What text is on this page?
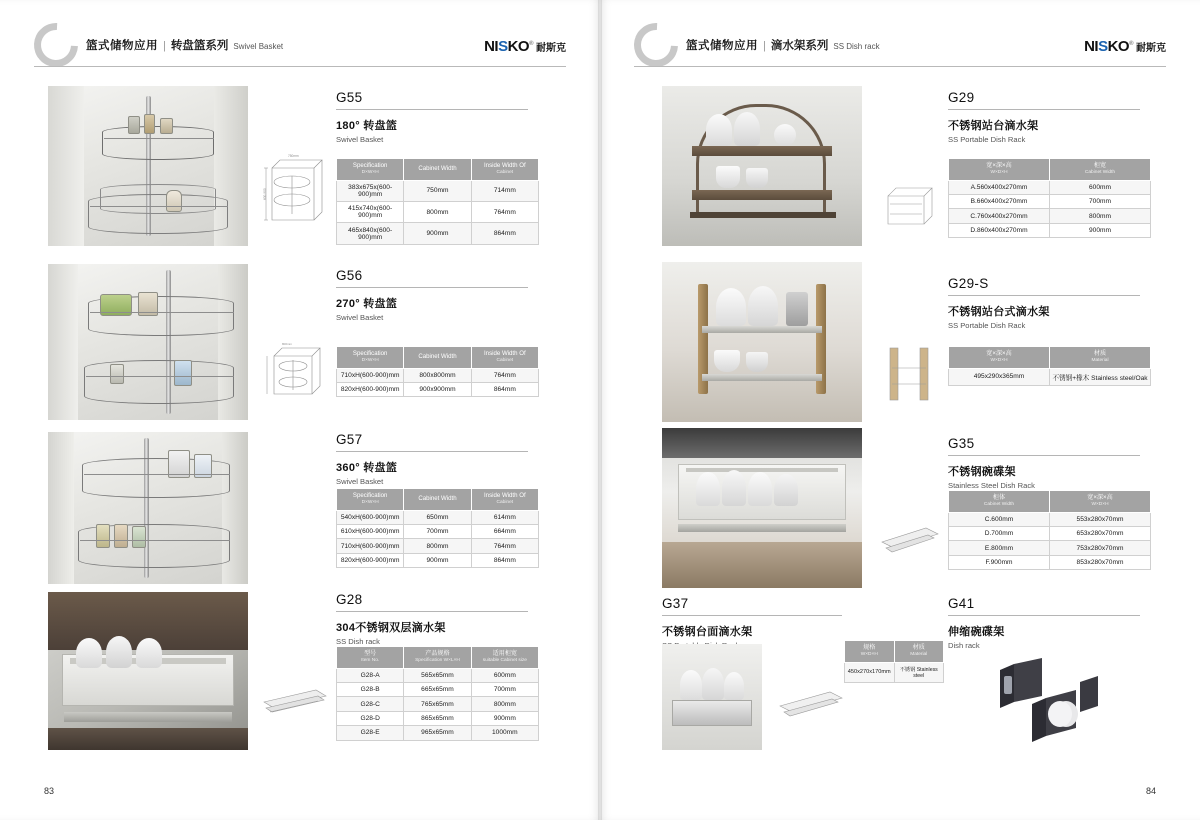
篮式储物应用 | 转盘篮系列 Swivel Basket	NISKO® 耐斯克
750mm
600-900
G55
180° 转盘篮
Swivel Basket
Specification
D×W×H	Cabinet Width	Inside Width Of
Cabinet

383x675x(600-900)mm	750mm	714mm
415x740x(600-900)mm	800mm	764mm
465x840x(600-900)mm	900mm	864mm
800mm
G56
270° 转盘篮
Swivel Basket
Specification
D×W×H	Cabinet Width	Inside Width Of
Cabinet

710xH(600-900)mm	800x800mm	764mm
820xH(600-900)mm	900x900mm	864mm
G57
360° 转盘篮
Swivel Basket
Specification
D×W×H	Cabinet Width	Inside Width Of
Cabinet

540xH(600-900)mm	650mm	614mm
610xH(600-900)mm	700mm	664mm
710xH(600-900)mm	800mm	764mm
820xH(600-900)mm	900mm	864mm
G28
304不锈钢双层滴水架
SS Dish rack
型号
Item No.	产品规格
Specification W×L×H	适用柜宽
suitable Cabinet size

G28-A	565x65mm	600mm
G28-B	665x65mm	700mm
G28-C	765x65mm	800mm
G28-D	865x65mm	900mm
G28-E	965x65mm	1000mm
83
篮式储物应用 | 滴水架系列 SS Dish rack	NISKO® 耐斯克
G29
不锈钢站台滴水架
SS Portable Dish Rack
宽×深×高
W×D×H	柜宽
Cabinet Width

A.560x400x270mm	600mm
B.660x400x270mm	700mm
C.760x400x270mm	800mm
D.860x400x270mm	900mm
G29-S
不锈钢站台式滴水架
SS Portable Dish Rack
宽×深×高
W×D×H	材质
Material

495x290x365mm	不锈钢+橡木 Stainless steel/Oak
G35
不锈钢碗碟架
Stainless Steel Dish Rack
柜体
Cabinet Width	宽×深×高
W×D×H

C.600mm	553x280x70mm
D.700mm	653x280x70mm
E.800mm	753x280x70mm
F.900mm	853x280x70mm
G37
不锈钢台面滴水架
规格
W×D×H	材质
Material

450x270x170mm	不锈钢 Stainless steel
G41
伸缩碗碟架
Dish rack
84
